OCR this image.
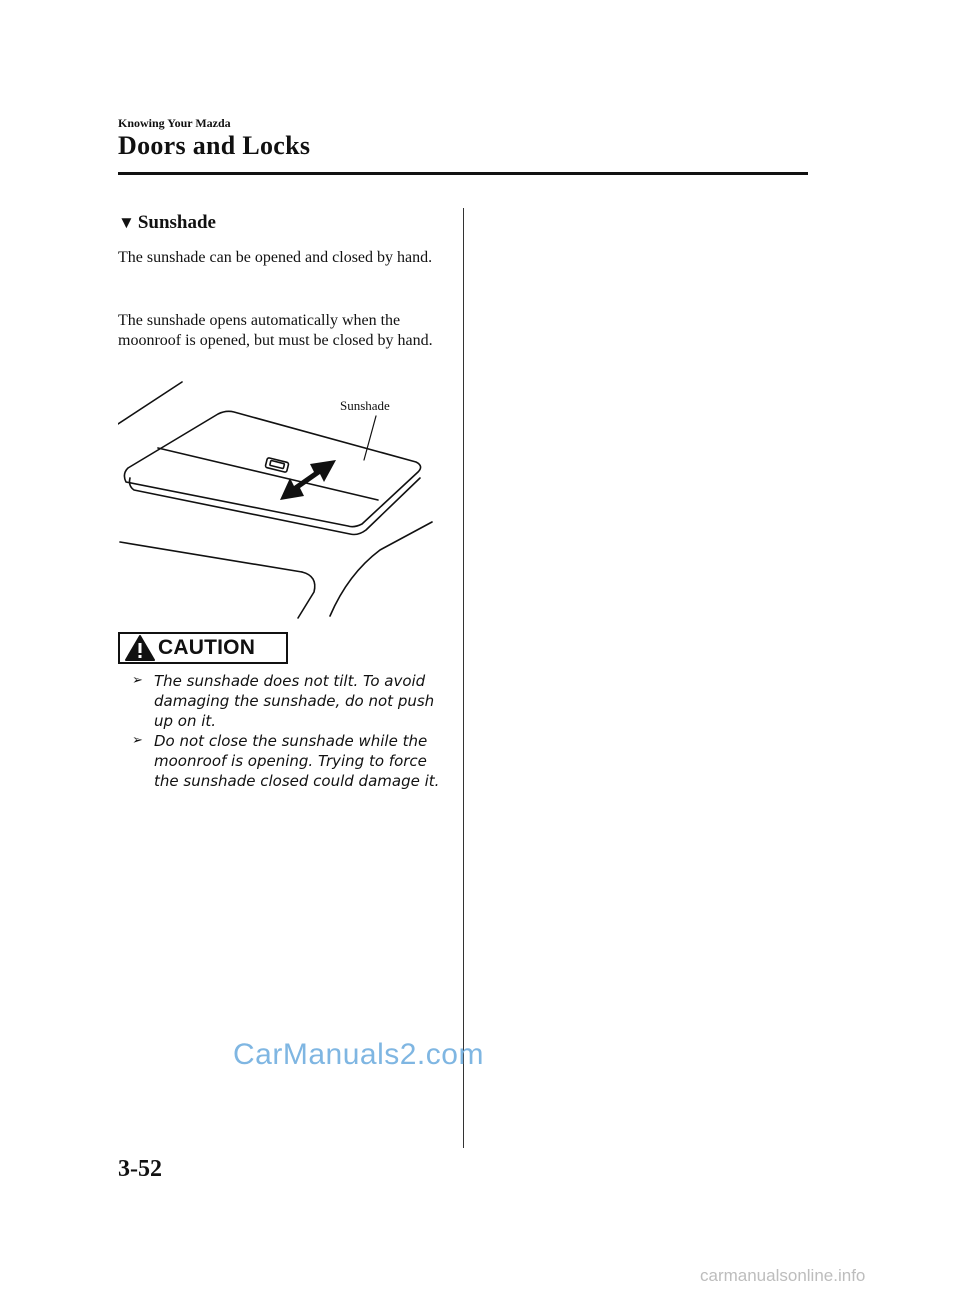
Knowing Your Mazda
Doors and Locks
▼ Sunshade
The sunshade can be opened and closed by hand.
The sunshade opens automatically when the moonroof is opened, but must be closed by hand.
Sunshade
CAUTION
➢ The sunshade does not tilt. To avoid damaging the sunshade, do not push up on it.
➢ Do not close the sunshade while the moonroof is opening. Trying to force the sunshade closed could damage it.
CarManuals2.com
3-52
carmanualsonline.info
